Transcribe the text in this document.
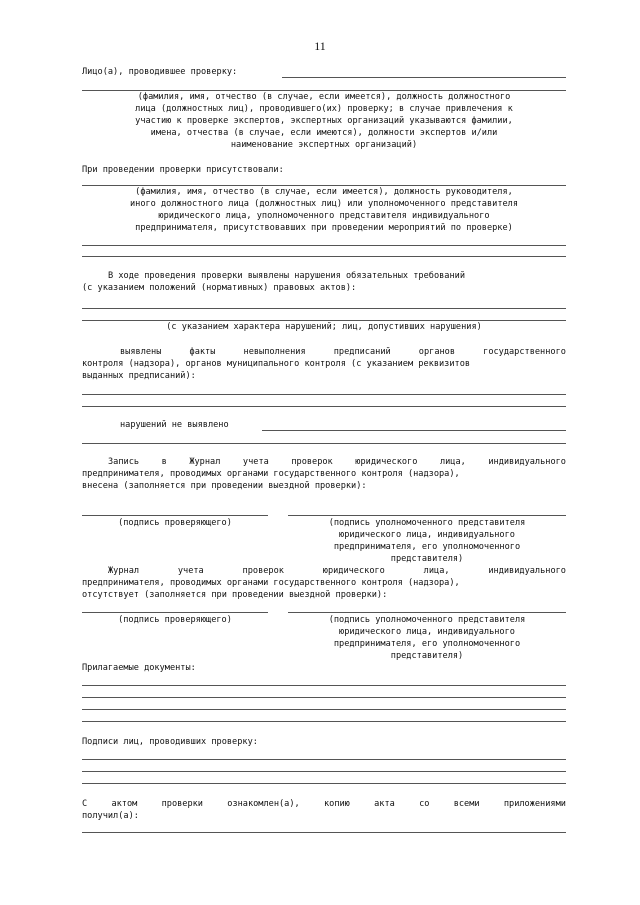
11
Лицо(а), проводившее проверку:
(фамилия, имя, отчество (в случае, если имеется), должность должностного
лица (должностных лиц), проводившего(их) проверку; в случае привлечения к
участию к проверке экспертов, экспертных организаций указываются фамилии,
имена, отчества (в случае, если имеются), должности экспертов и/или
наименование экспертных организаций)
При проведении проверки присутствовали:
(фамилия, имя, отчество (в случае, если имеется), должность руководителя,
иного должностного лица (должностных лиц) или уполномоченного представителя
юридического лица, уполномоченного представителя индивидуального
предпринимателя, присутствовавших при проведении мероприятий по проверке)
В ходе проведения проверки выявлены нарушения обязательных требований
(с указанием положений (нормативных) правовых актов):
(с указанием характера нарушений; лиц, допустивших нарушения)
выявлены	факты	невыполнения	предписаний	органов	государственного
контроля (надзора), органов муниципального контроля (с указанием реквизитов
выданных предписаний):
нарушений не выявлено
Запись	в	Журнал	учета	проверок	юридического	лица,	индивидуального
предпринимателя, проводимых органами государственного контроля (надзора),
внесена (заполняется при проведении выездной проверки):
(подпись проверяющего)	(подпись уполномоченного представителя
юридического лица, индивидуального
предпринимателя, его уполномоченного
представителя)
Журнал	учета	проверок	юридического	лица,	индивидуального
предпринимателя, проводимых органами государственного контроля (надзора),
отсутствует (заполняется при проведении выездной проверки):
(подпись проверяющего)	(подпись уполномоченного представителя
юридического лица, индивидуального
предпринимателя, его уполномоченного
представителя)
Прилагаемые документы:
Подписи лиц, проводивших проверку:
С	актом	проверки	ознакомлен(а),	копию	акта	со	всеми	приложениями
получил(а):
